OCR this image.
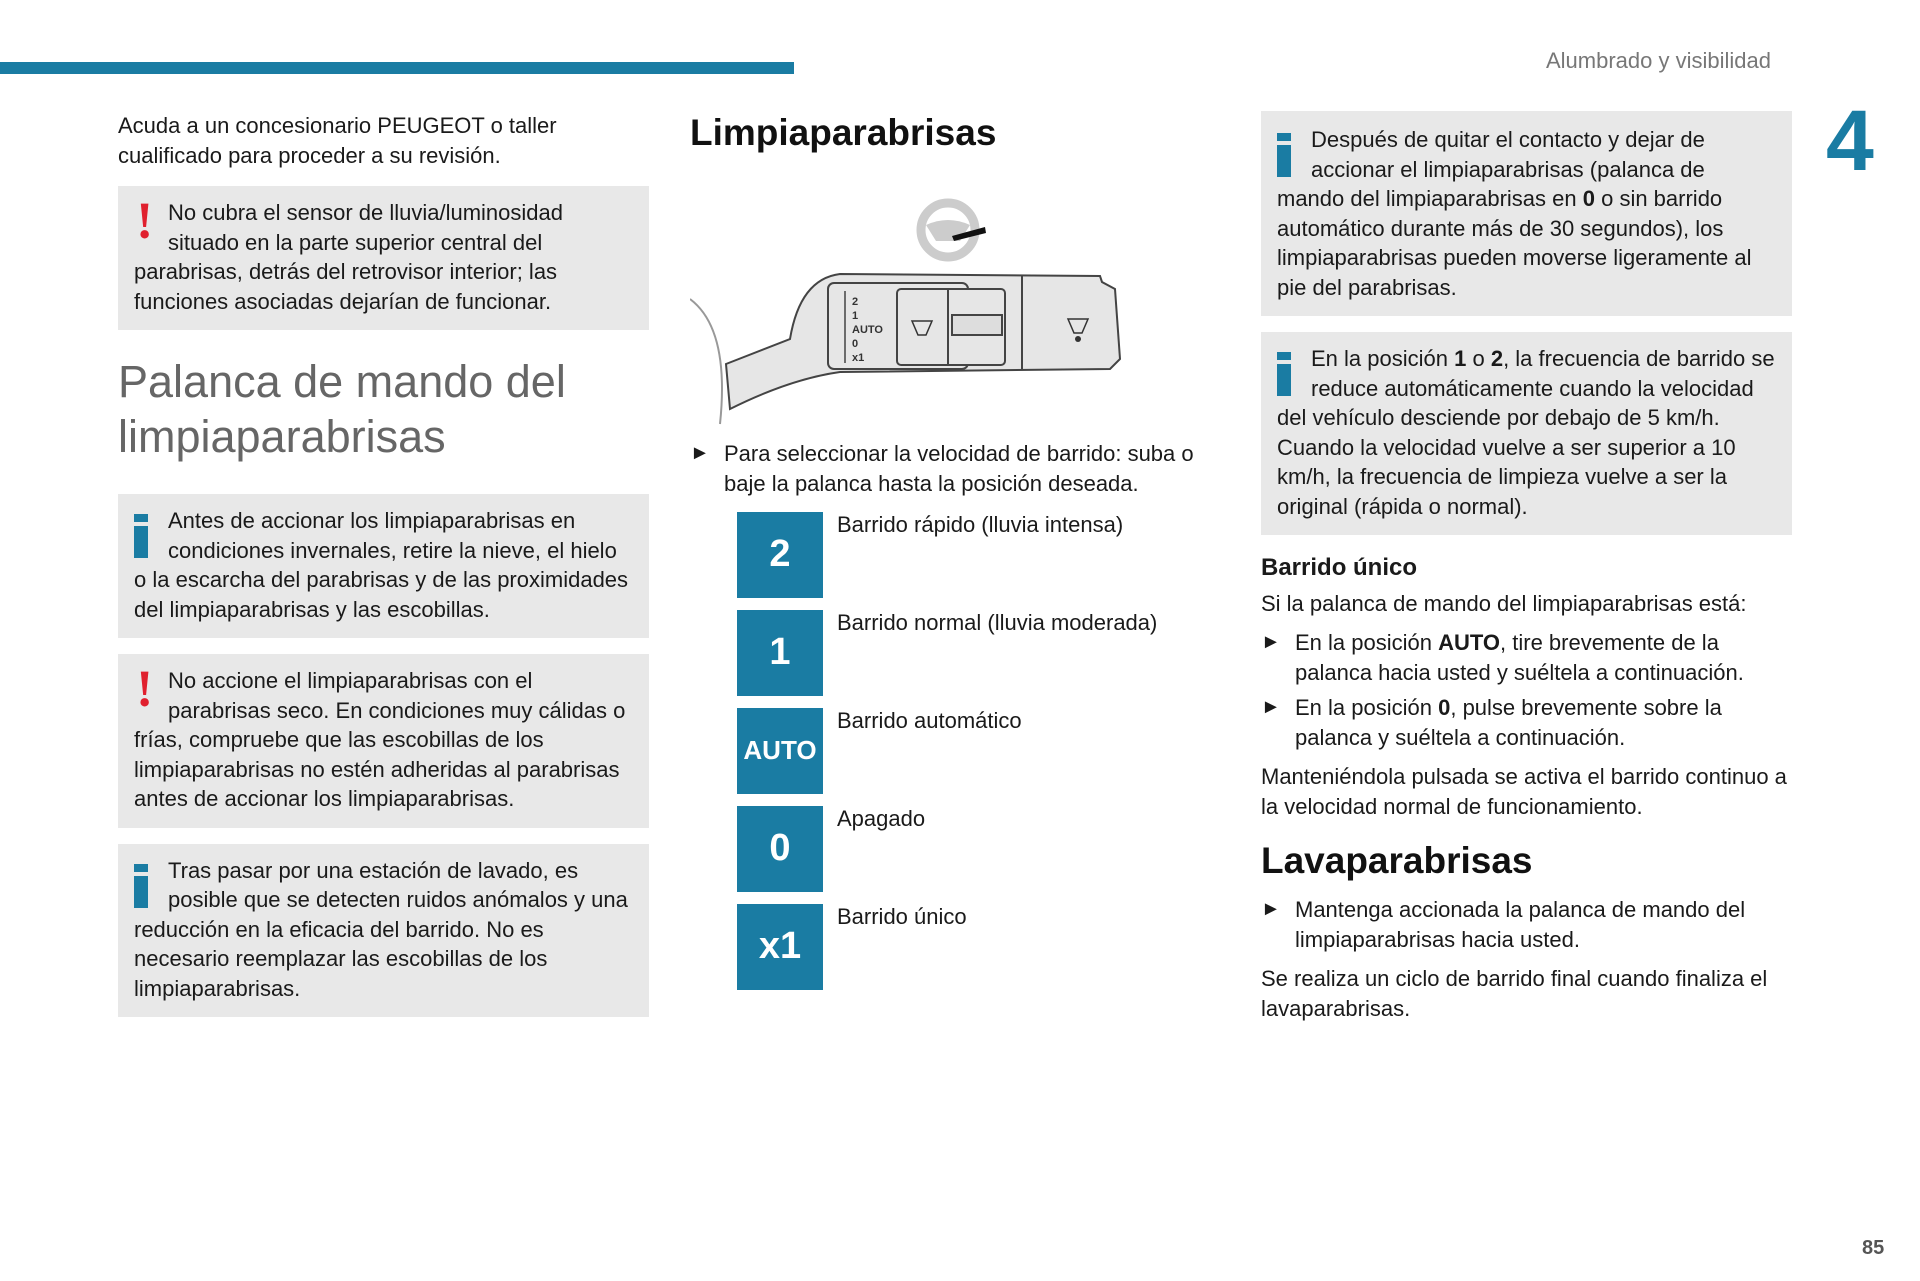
Alumbrado y visibilidad
4
85

Acuda a un concesionario PEUGEOT o taller cualificado para proceder a su revisión.

! No cubra el sensor de lluvia/luminosidad situado en la parte superior central del parabrisas, detrás del retrovisor interior; las funciones asociadas dejarían de funcionar.

Palanca de mando del limpiaparabrisas

Antes de accionar los limpiaparabrisas en condiciones invernales, retire la nieve, el hielo o la escarcha del parabrisas y de las proximidades del limpiaparabrisas y las escobillas.

! No accione el limpiaparabrisas con el parabrisas seco. En condiciones muy cálidas o frías, compruebe que las escobillas de los limpiaparabrisas no estén adheridas al parabrisas antes de accionar los limpiaparabrisas.

Tras pasar por una estación de lavado, es posible que se detecten ruidos anómalos y una reducción en la eficacia del barrido. No es necesario reemplazar las escobillas de los limpiaparabrisas.

Limpiaparabrisas
2
1
AUTO
0
x1
► Para seleccionar la velocidad de barrido: suba o baje la palanca hasta la posición deseada.
2
Barrido rápido (lluvia intensa)
1
Barrido normal (lluvia moderada)
AUTO
Barrido automático
0
Apagado
x1
Barrido único

Después de quitar el contacto y dejar de accionar el limpiaparabrisas (palanca de mando del limpiaparabrisas en 0 o sin barrido automático durante más de 30 segundos), los limpiaparabrisas pueden moverse ligeramente al pie del parabrisas.

En la posición 1 o 2, la frecuencia de barrido se reduce automáticamente cuando la velocidad del vehículo desciende por debajo de 5 km/h.

Cuando la velocidad vuelve a ser superior a 10 km/h, la frecuencia de limpieza vuelve a ser la original (rápida o normal).

Barrido único

Si la palanca de mando del limpiaparabrisas está:

► En la posición AUTO, tire brevemente de la palanca hacia usted y suéltela a continuación.
► En la posición 0, pulse brevemente sobre la palanca y suéltela a continuación.

Manteniéndola pulsada se activa el barrido continuo a la velocidad normal de funcionamiento.

Lavaparabrisas
► Mantenga accionada la palanca de mando del limpiaparabrisas hacia usted.

Se realiza un ciclo de barrido final cuando finaliza el lavaparabrisas.
